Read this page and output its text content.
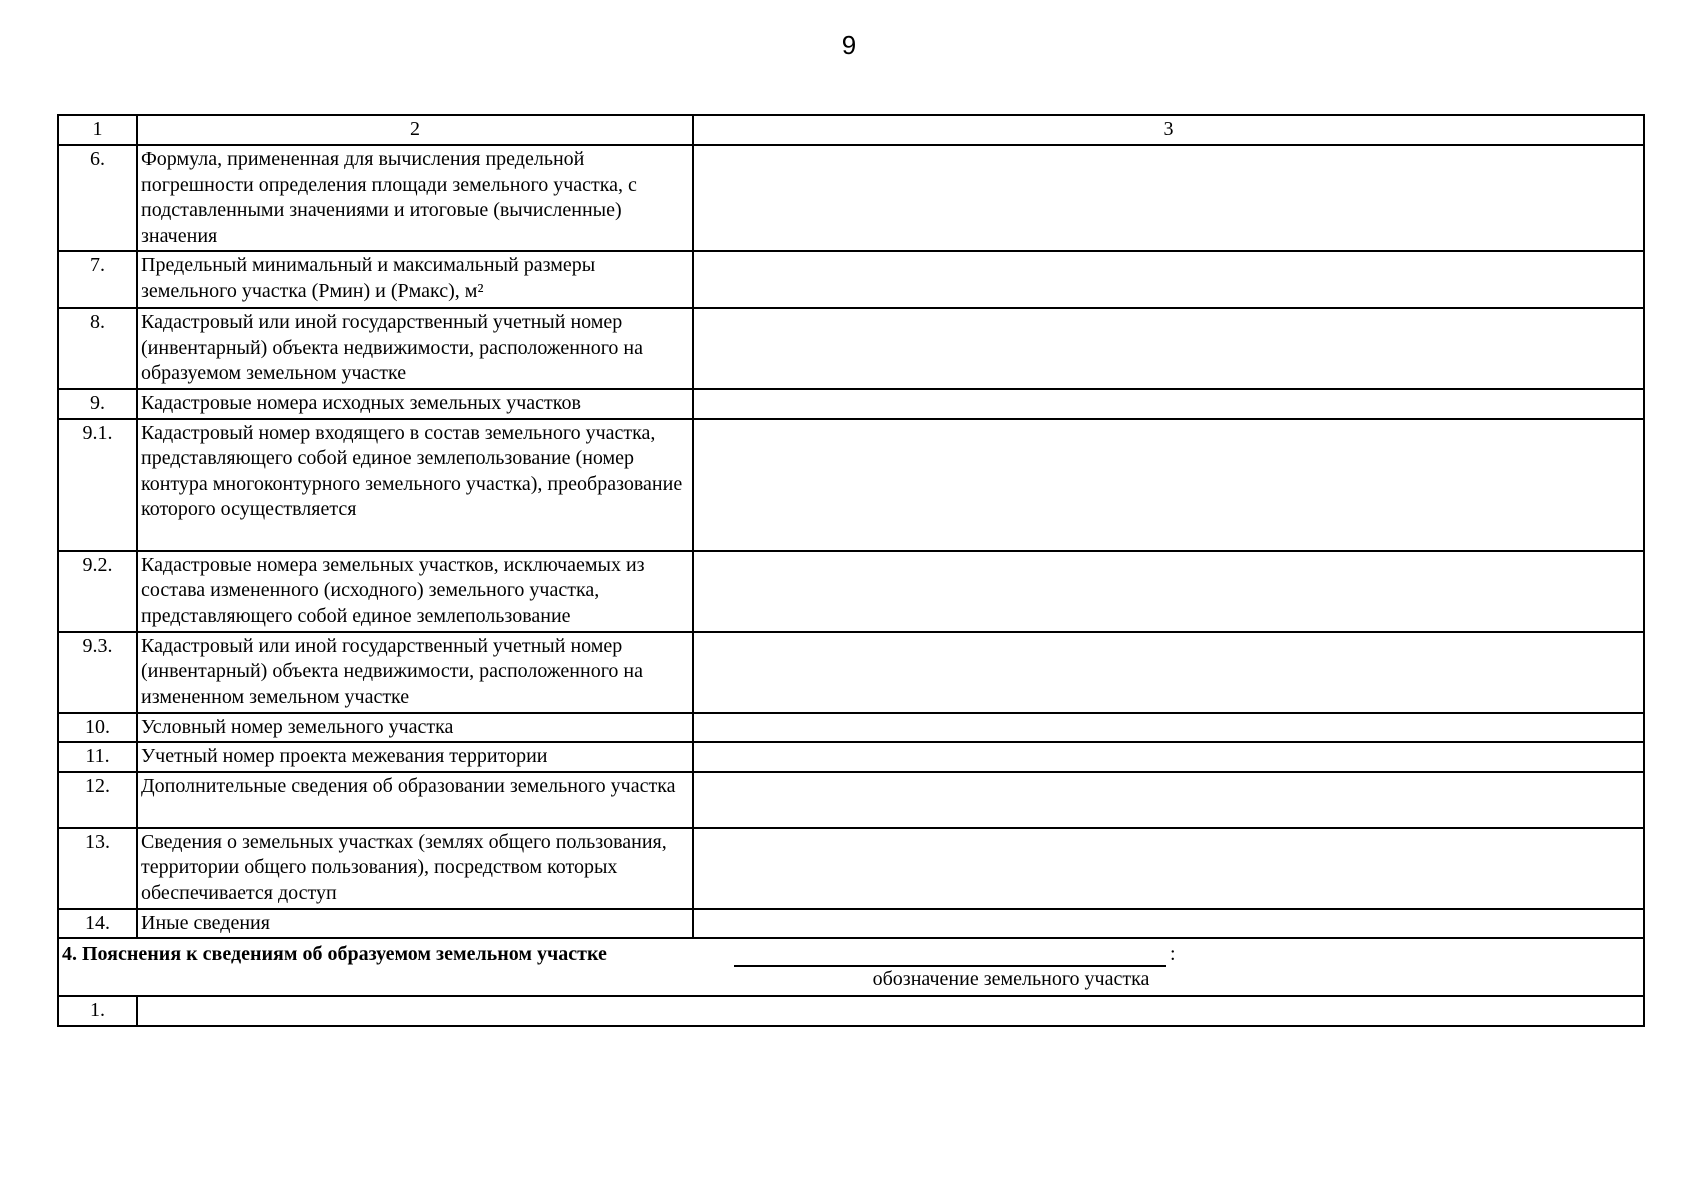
9
1	2	3
6.	Формула, примененная для вычисления предельной погрешности определения площади земельного участка, с подставленными значениями и итоговые (вычисленные) значения	
7.	Предельный минимальный и максимальный размеры земельного участка (Pмин) и (Pмакс), м²	
8.	Кадастровый или иной государственный учетный номер (инвентарный) объекта недвижимости, расположенного на образуемом земельном участке	
9.	Кадастровые номера исходных земельных участков	
9.1.	Кадастровый номер входящего в состав земельного участка, представляющего собой единое землепользование (номер контура многоконтурного земельного участка), преобразование которого осуществляется	
9.2.	Кадастровые номера земельных участков, исключаемых из состава измененного (исходного) земельного участка, представляющего собой единое землепользование	
9.3.	Кадастровый или иной государственный учетный номер (инвентарный) объекта недвижимости, расположенного на измененном земельном участке	
10.	Условный номер земельного участка	
11.	Учетный номер проекта межевания территории	
12.	Дополнительные сведения об образовании земельного участка	
13.	Сведения о земельных участках (землях общего пользования, территории общего пользования), посредством которых обеспечивается доступ	
14.	Иные сведения	

4. Пояснения к сведениям об образуемом земельном участке :
обозначение земельного участка		

1.		
